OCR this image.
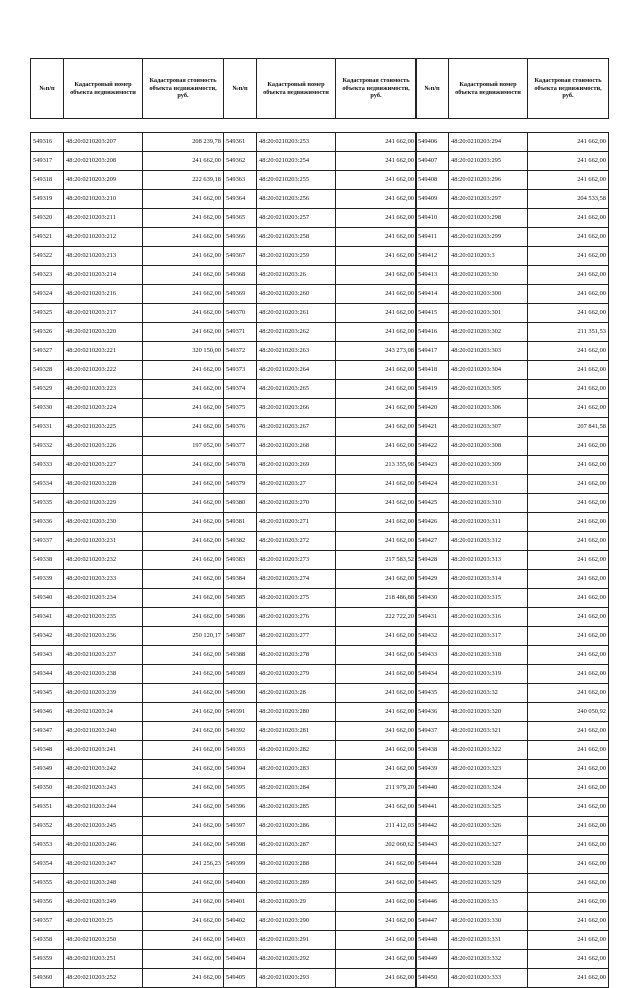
№п/п	Кадастровый номер объекта недвижимости	Кадастровая стоимость объекта недвижимости, руб.

549316	48:20:0210203:207	208 239,78
549317	48:20:0210203:208	241 662,00
549318	48:20:0210203:209	222 639,18
549319	48:20:0210203:210	241 662,00
549320	48:20:0210203:211	241 662,00
549321	48:20:0210203:212	241 662,00
549322	48:20:0210203:213	241 662,00
549323	48:20:0210203:214	241 662,00
549324	48:20:0210203:216	241 662,00
549325	48:20:0210203:217	241 662,00
549326	48:20:0210203:220	241 662,00
549327	48:20:0210203:221	320 150,00
549328	48:20:0210203:222	241 662,00
549329	48:20:0210203:223	241 662,00
549330	48:20:0210203:224	241 662,00
549331	48:20:0210203:225	241 662,00
549332	48:20:0210203:226	197 052,00
549333	48:20:0210203:227	241 662,00
549334	48:20:0210203:228	241 662,00
549335	48:20:0210203:229	241 662,00
549336	48:20:0210203:230	241 662,00
549337	48:20:0210203:231	241 662,00
549338	48:20:0210203:232	241 662,00
549339	48:20:0210203:233	241 662,00
549340	48:20:0210203:234	241 662,00
549341	48:20:0210203:235	241 662,00
549342	48:20:0210203:236	250 120,17
549343	48:20:0210203:237	241 662,00
549344	48:20:0210203:238	241 662,00
549345	48:20:0210203:239	241 662,00
549346	48:20:0210203:24	241 662,00
549347	48:20:0210203:240	241 662,00
549348	48:20:0210203:241	241 662,00
549349	48:20:0210203:242	241 662,00
549350	48:20:0210203:243	241 662,00
549351	48:20:0210203:244	241 662,00
549352	48:20:0210203:245	241 662,00
549353	48:20:0210203:246	241 662,00
549354	48:20:0210203:247	241 256,23
549355	48:20:0210203:248	241 662,00
549356	48:20:0210203:249	241 662,00
549357	48:20:0210203:25	241 662,00
549358	48:20:0210203:250	241 662,00
549359	48:20:0210203:251	241 662,00
549360	48:20:0210203:252	241 662,00
№п/п	Кадастровый номер объекта недвижимости	Кадастровая стоимость объекта недвижимости, руб.

549361	48:20:0210203:253	241 662,00
549362	48:20:0210203:254	241 662,00
549363	48:20:0210203:255	241 662,00
549364	48:20:0210203:256	241 662,00
549365	48:20:0210203:257	241 662,00
549366	48:20:0210203:258	241 662,00
549367	48:20:0210203:259	241 662,00
549368	48:20:0210203:26	241 662,00
549369	48:20:0210203:260	241 662,00
549370	48:20:0210203:261	241 662,00
549371	48:20:0210203:262	241 662,00
549372	48:20:0210203:263	243 273,08
549373	48:20:0210203:264	241 662,00
549374	48:20:0210203:265	241 662,00
549375	48:20:0210203:266	241 662,00
549376	48:20:0210203:267	241 662,00
549377	48:20:0210203:268	241 662,00
549378	48:20:0210203:269	213 355,98
549379	48:20:0210203:27	241 662,00
549380	48:20:0210203:270	241 662,00
549381	48:20:0210203:271	241 662,00
549382	48:20:0210203:272	241 662,00
549383	48:20:0210203:273	217 583,52
549384	48:20:0210203:274	241 662,00
549385	48:20:0210203:275	218 486,88
549386	48:20:0210203:276	222 722,20
549387	48:20:0210203:277	241 662,00
549388	48:20:0210203:278	241 662,00
549389	48:20:0210203:279	241 662,00
549390	48:20:0210203:28	241 662,00
549391	48:20:0210203:280	241 662,00
549392	48:20:0210203:281	241 662,00
549393	48:20:0210203:282	241 662,00
549394	48:20:0210203:283	241 662,00
549395	48:20:0210203:284	211 979,20
549396	48:20:0210203:285	241 662,00
549397	48:20:0210203:286	211 412,03
549398	48:20:0210203:287	202 060,62
549399	48:20:0210203:288	241 662,00
549400	48:20:0210203:289	241 662,00
549401	48:20:0210203:29	241 662,00
549402	48:20:0210203:290	241 662,00
549403	48:20:0210203:291	241 662,00
549404	48:20:0210203:292	241 662,00
549405	48:20:0210203:293	241 662,00
№п/п	Кадастровый номер объекта недвижимости	Кадастровая стоимость объекта недвижимости, руб.

549406	48:20:0210203:294	241 662,00
549407	48:20:0210203:295	241 662,00
549408	48:20:0210203:296	241 662,00
549409	48:20:0210203:297	204 533,58
549410	48:20:0210203:298	241 662,00
549411	48:20:0210203:299	241 662,00
549412	48:20:0210203:3	241 662,00
549413	48:20:0210203:30	241 662,00
549414	48:20:0210203:300	241 662,00
549415	48:20:0210203:301	241 662,00
549416	48:20:0210203:302	211 351,53
549417	48:20:0210203:303	241 662,00
549418	48:20:0210203:304	241 662,00
549419	48:20:0210203:305	241 662,00
549420	48:20:0210203:306	241 662,00
549421	48:20:0210203:307	207 841,58
549422	48:20:0210203:308	241 662,00
549423	48:20:0210203:309	241 662,00
549424	48:20:0210203:31	241 662,00
549425	48:20:0210203:310	241 662,00
549426	48:20:0210203:311	241 662,00
549427	48:20:0210203:312	241 662,00
549428	48:20:0210203:313	241 662,00
549429	48:20:0210203:314	241 662,00
549430	48:20:0210203:315	241 662,00
549431	48:20:0210203:316	241 662,00
549432	48:20:0210203:317	241 662,00
549433	48:20:0210203:318	241 662,00
549434	48:20:0210203:319	241 662,00
549435	48:20:0210203:32	241 662,00
549436	48:20:0210203:320	240 050,92
549437	48:20:0210203:321	241 662,00
549438	48:20:0210203:322	241 662,00
549439	48:20:0210203:323	241 662,00
549440	48:20:0210203:324	241 662,00
549441	48:20:0210203:325	241 662,00
549442	48:20:0210203:326	241 662,00
549443	48:20:0210203:327	241 662,00
549444	48:20:0210203:328	241 662,00
549445	48:20:0210203:329	241 662,00
549446	48:20:0210203:33	241 662,00
549447	48:20:0210203:330	241 662,00
549448	48:20:0210203:331	241 662,00
549449	48:20:0210203:332	241 662,00
549450	48:20:0210203:333	241 662,00
